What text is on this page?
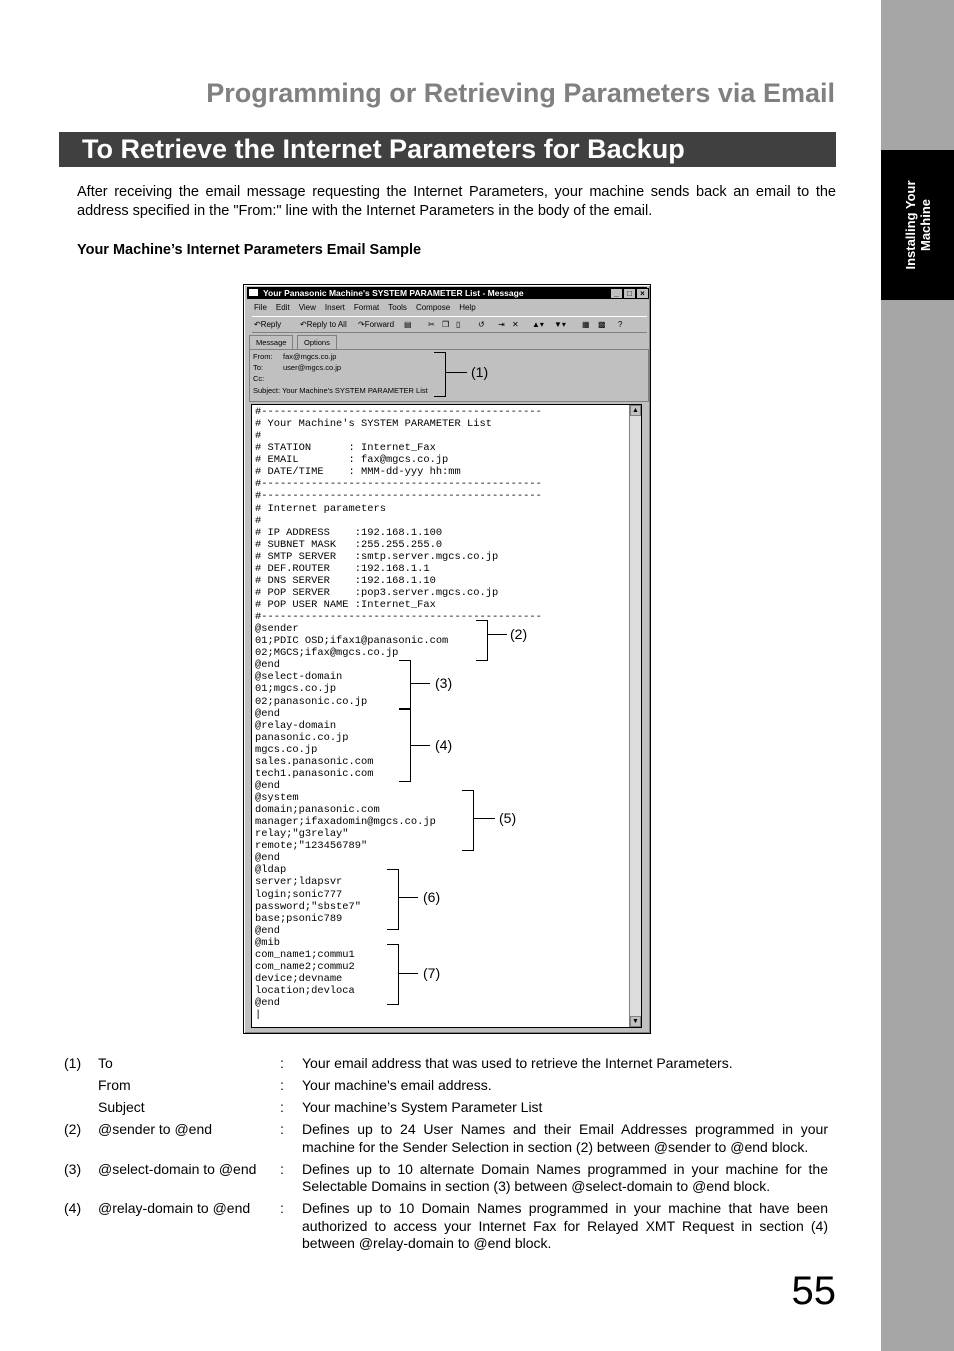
Installing Your
Machine
Programming or Retrieving Parameters via Email
To Retrieve the Internet Parameters for Backup
After receiving the email message requesting the Internet Parameters, your machine sends back an email to the address specified in the "From:" line with the Internet Parameters in the body of the email.
Your Machine’s Internet Parameters Email Sample
Your Panasonic Machine's SYSTEM PARAMETER List - Message	_	□	×
File Edit View Insert Format Tools Compose Help
↶ Reply ↶ Reply to All ↷ Forward ▤ ✂ ❐ ▯ ↺ ⇥ ✕ ▲▾ ▼▾ ▦ ▩ ?
Message	Options
From: fax@mgcs.co.jp
To:	user@mgcs.co.jp
Cc:
Subject: Your Machine's SYSTEM PARAMETER List
#---------------------------------------------
# Your Machine's SYSTEM PARAMETER List
#
# STATION      : Internet_Fax
# EMAIL        : fax@mgcs.co.jp
# DATE/TIME    : MMM-dd-yyy hh:mm
#---------------------------------------------
#---------------------------------------------
# Internet parameters
#
# IP ADDRESS    :192.168.1.100
# SUBNET MASK   :255.255.255.0
# SMTP SERVER   :smtp.server.mgcs.co.jp
# DEF.ROUTER    :192.168.1.1
# DNS SERVER    :192.168.1.10
# POP SERVER    :pop3.server.mgcs.co.jp
# POP USER NAME :Internet_Fax
#---------------------------------------------
@sender
01;PDIC OSD;ifax1@panasonic.com
02;MGCS;ifax@mgcs.co.jp
@end
@select-domain
01;mgcs.co.jp
02;panasonic.co.jp
@end
@relay-domain
panasonic.co.jp
mgcs.co.jp
sales.panasonic.com
tech1.panasonic.com
@end
@system
domain;panasonic.com
manager;ifaxadomin@mgcs.co.jp
relay;"g3relay"
remote;"123456789"
@end
@ldap
server;ldapsvr
login;sonic777
password;"sbste7"
base;psonic789
@end
@mib
com_name1;commu1
com_name2;commu2
device;devname
location;devloca
@end
|
▲
▼
(1)
(2)
(3)
(4)
(5)
(6)
(7)
(1) To	: Your email address that was used to retrieve the Internet Parameters.
From	: Your machine's email address.
Subject	: Your machine’s System Parameter List
(2) @sender to @end	: Defines up to 24 User Names and their Email Addresses programmed in your machine for the Sender Selection in section (2) between @sender to @end block.
(3) @select-domain to @end : Defines up to 10 alternate Domain Names programmed in your machine for the Selectable Domains in section (3) between @select-domain to @end block.
(4) @relay-domain to @end : Defines up to 10 Domain Names programmed in your machine that have been authorized to access your Internet Fax for Relayed XMT Request in section (4) between @relay-domain to @end block.
55
